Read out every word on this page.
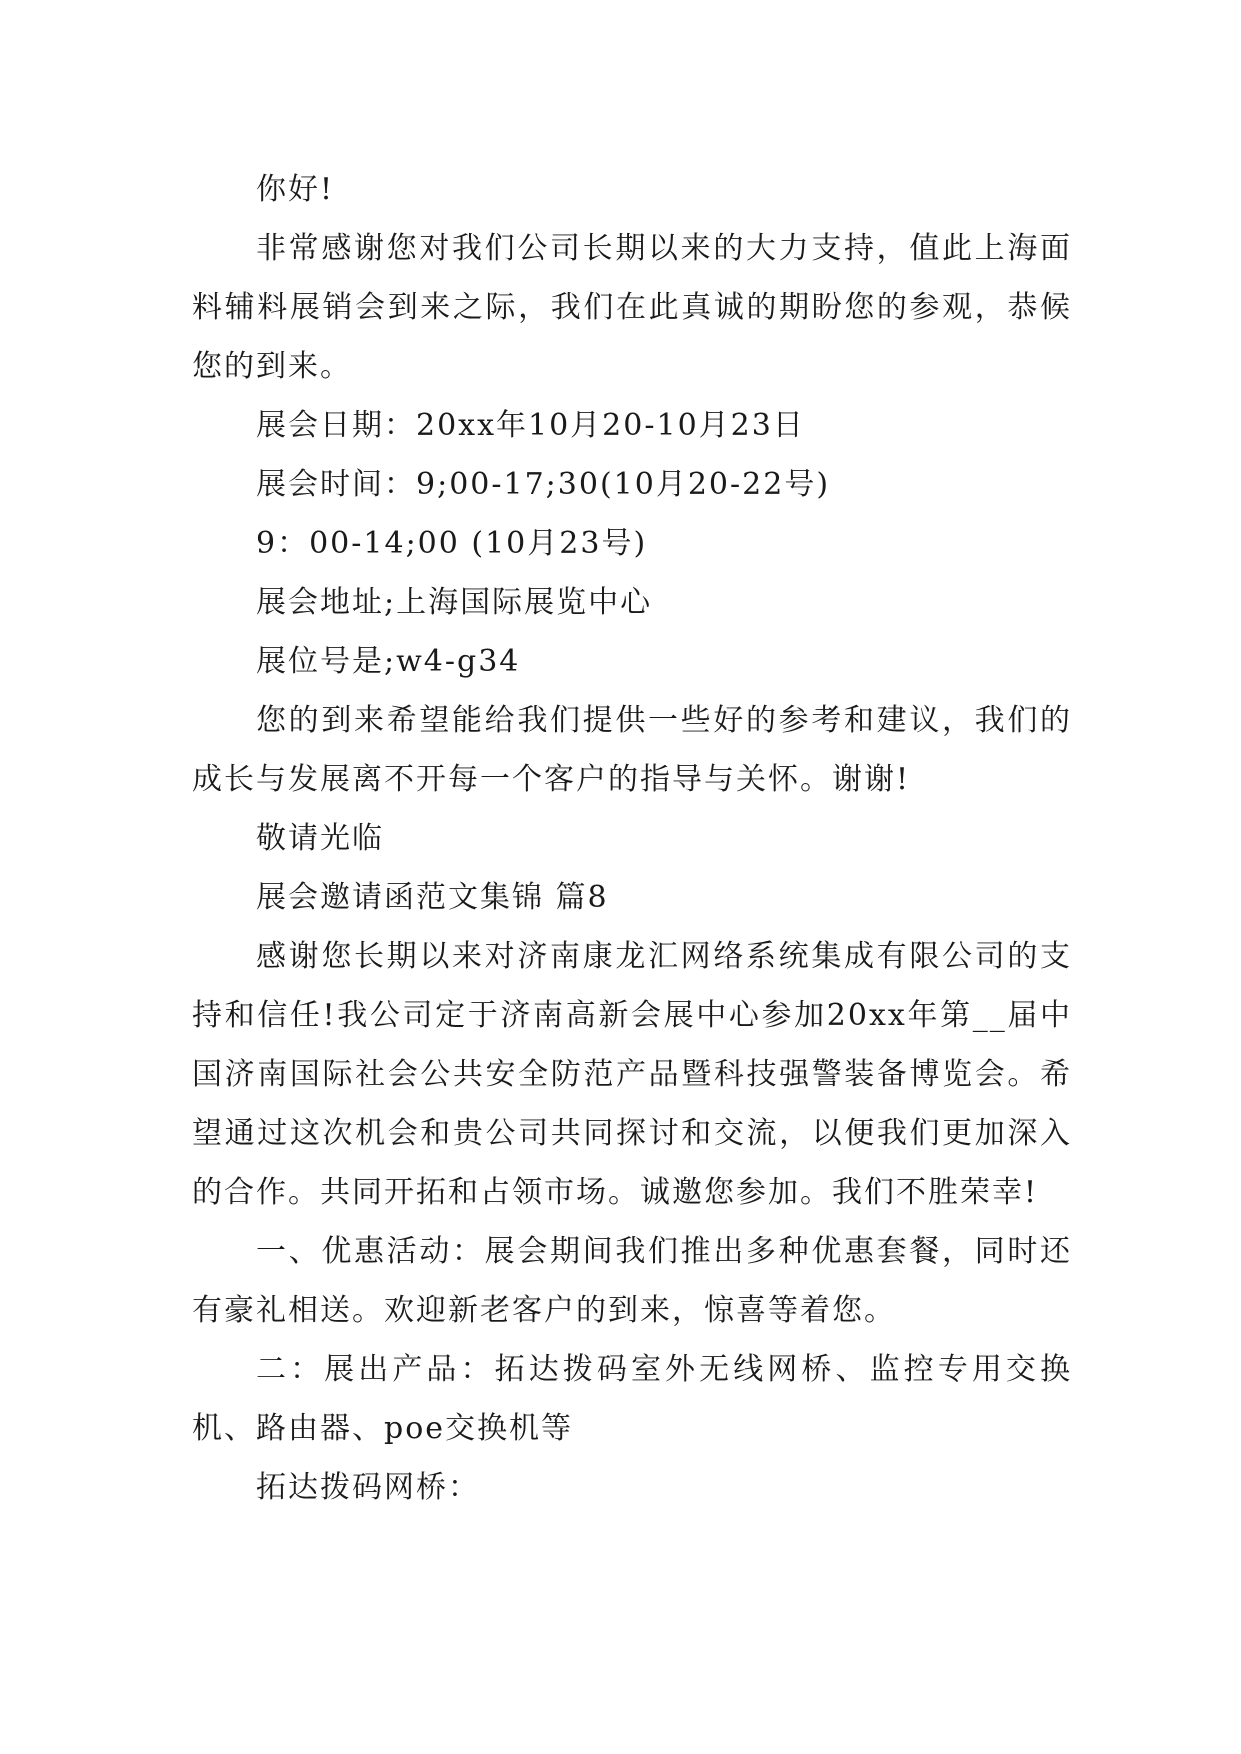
你好!

非常感谢您对我们公司长期以来的大力支持，值此上海面料辅料展销会到来之际，我们在此真诚的期盼您的参观，恭候您的到来。

展会日期：20xx年10月20-10月23日

展会时间：9;00-17;30(10月20-22号)

9：00-14;00 (10月23号)

展会地址;上海国际展览中心

展位号是;w4-g34

您的到来希望能给我们提供一些好的参考和建议，我们的成长与发展离不开每一个客户的指导与关怀。谢谢!

敬请光临

展会邀请函范文集锦 篇8

感谢您长期以来对济南康龙汇网络系统集成有限公司的支持和信任!我公司定于济南高新会展中心参加20xx年第__届中国济南国际社会公共安全防范产品暨科技强警装备博览会。希望通过这次机会和贵公司共同探讨和交流，以便我们更加深入的合作。共同开拓和占领市场。诚邀您参加。我们不胜荣幸!

一、优惠活动：展会期间我们推出多种优惠套餐，同时还有豪礼相送。欢迎新老客户的到来，惊喜等着您。

二：展出产品：拓达拨码室外无线网桥、监控专用交换机、路由器、poe交换机等

拓达拨码网桥：
